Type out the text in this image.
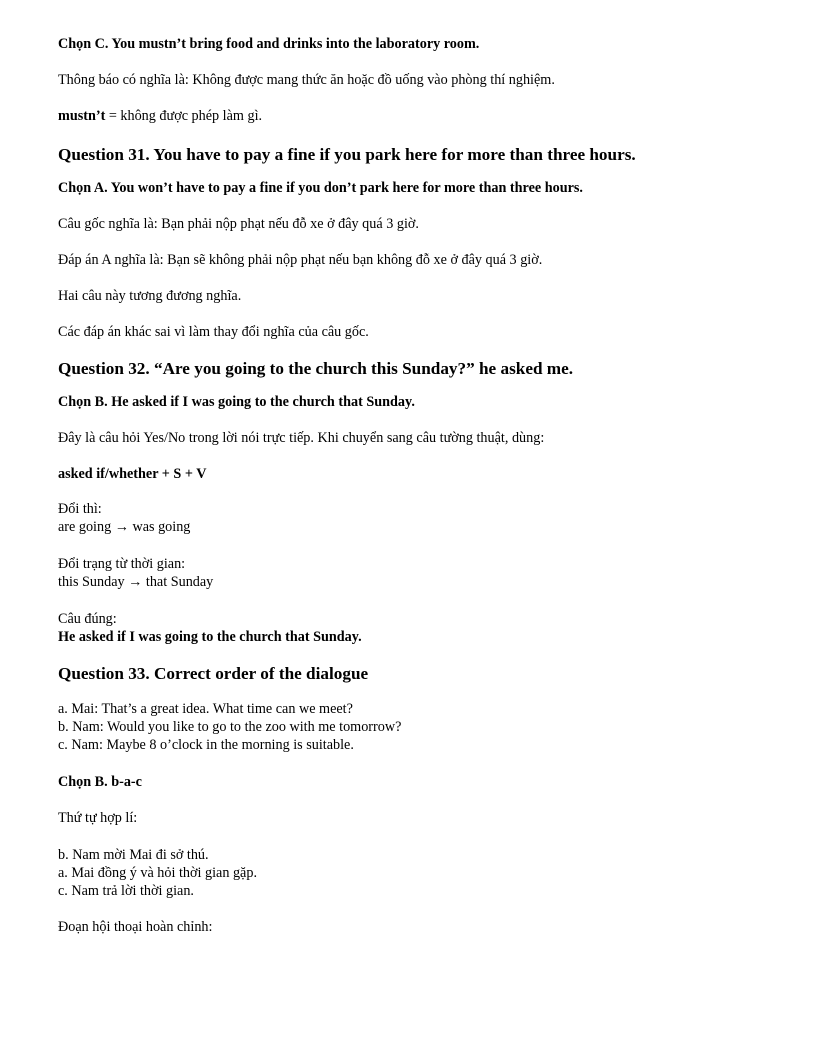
Chọn C. You mustn’t bring food and drinks into the laboratory room.

Thông báo có nghĩa là: Không được mang thức ăn hoặc đồ uống vào phòng thí nghiệm.

mustn’t = không được phép làm gì.

Question 31. You have to pay a fine if you park here for more than three hours.

Chọn A. You won’t have to pay a fine if you don’t park here for more than three hours.

Câu gốc nghĩa là: Bạn phải nộp phạt nếu đỗ xe ở đây quá 3 giờ.

Đáp án A nghĩa là: Bạn sẽ không phải nộp phạt nếu bạn không đỗ xe ở đây quá 3 giờ.

Hai câu này tương đương nghĩa.

Các đáp án khác sai vì làm thay đổi nghĩa của câu gốc.

Question 32. “Are you going to the church this Sunday?” he asked me.

Chọn B. He asked if I was going to the church that Sunday.

Đây là câu hỏi Yes/No trong lời nói trực tiếp. Khi chuyển sang câu tường thuật, dùng:

asked if/whether + S + V

Đổi thì:

are going → was going

Đổi trạng từ thời gian:

this Sunday → that Sunday

Câu đúng:

He asked if I was going to the church that Sunday.

Question 33. Correct order of the dialogue

a. Mai: That’s a great idea. What time can we meet?

b. Nam: Would you like to go to the zoo with me tomorrow?

c. Nam: Maybe 8 o’clock in the morning is suitable.

Chọn B. b-a-c

Thứ tự hợp lí:

b. Nam mời Mai đi sở thú.

a. Mai đồng ý và hỏi thời gian gặp.

c. Nam trả lời thời gian.

Đoạn hội thoại hoàn chỉnh:
